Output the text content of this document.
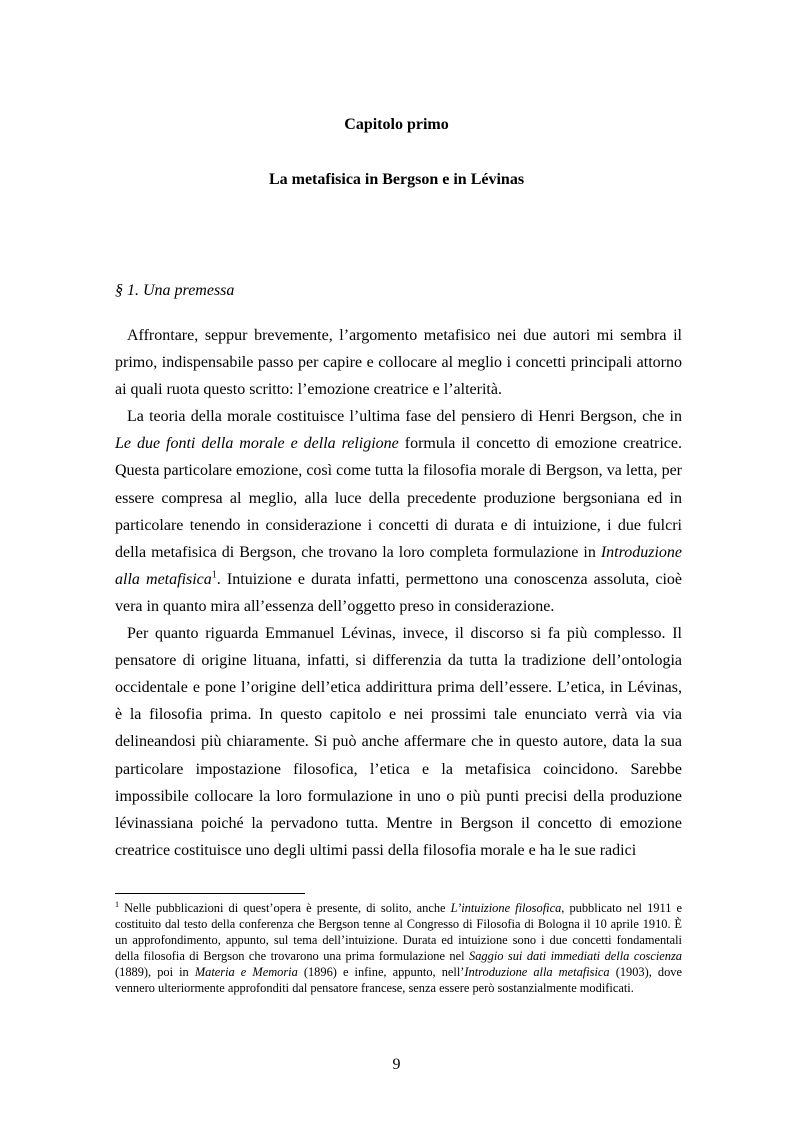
Capitolo primo
La metafisica in Bergson e in Lévinas
§ 1. Una premessa

Affrontare, seppur brevemente, l’argomento metafisico nei due autori mi sembra il primo, indispensabile passo per capire e collocare al meglio i concetti principali attorno ai quali ruota questo scritto: l’emozione creatrice e l’alterità.

La teoria della morale costituisce l’ultima fase del pensiero di Henri Bergson, che in Le due fonti della morale e della religione formula il concetto di emozione creatrice. Questa particolare emozione, così come tutta la filosofia morale di Bergson, va letta, per essere compresa al meglio, alla luce della precedente produzione bergsoniana ed in particolare tenendo in considerazione i concetti di durata e di intuizione, i due fulcri della metafisica di Bergson, che trovano la loro completa formulazione in Introduzione alla metafisica$^1$. Intuizione e durata infatti, permettono una conoscenza assoluta, cioè vera in quanto mira all’essenza dell’oggetto preso in considerazione.

Per quanto riguarda Emmanuel Lévinas, invece, il discorso si fa più complesso. Il pensatore di origine lituana, infatti, si differenzia da tutta la tradizione dell’ontologia occidentale e pone l’origine dell’etica addirittura prima dell’essere. L’etica, in Lévinas, è la filosofia prima. In questo capitolo e nei prossimi tale enunciato verrà via via delineandosi più chiaramente. Si può anche affermare che in questo autore, data la sua particolare impostazione filosofica, l’etica e la metafisica coincidono. Sarebbe impossibile collocare la loro formulazione in uno o più punti precisi della produzione lévinassiana poiché la pervadono tutta. Mentre in Bergson il concetto di emozione creatrice costituisce uno degli ultimi passi della filosofia morale e ha le sue radici

$^1$ Nelle pubblicazioni di quest’opera è presente, di solito, anche L’intuizione filosofica, pubblicato nel 1911 e costituito dal testo della conferenza che Bergson tenne al Congresso di Filosofia di Bologna il 10 aprile 1910. È un approfondimento, appunto, sul tema dell’intuizione. Durata ed intuizione sono i due concetti fondamentali della filosofia di Bergson che trovarono una prima formulazione nel Saggio sui dati immediati della coscienza (1889), poi in Materia e Memoria (1896) e infine, appunto, nell’Introduzione alla metafisica (1903), dove vennero ulteriormente approfonditi dal pensatore francese, senza essere però sostanzialmente modificati.
9
